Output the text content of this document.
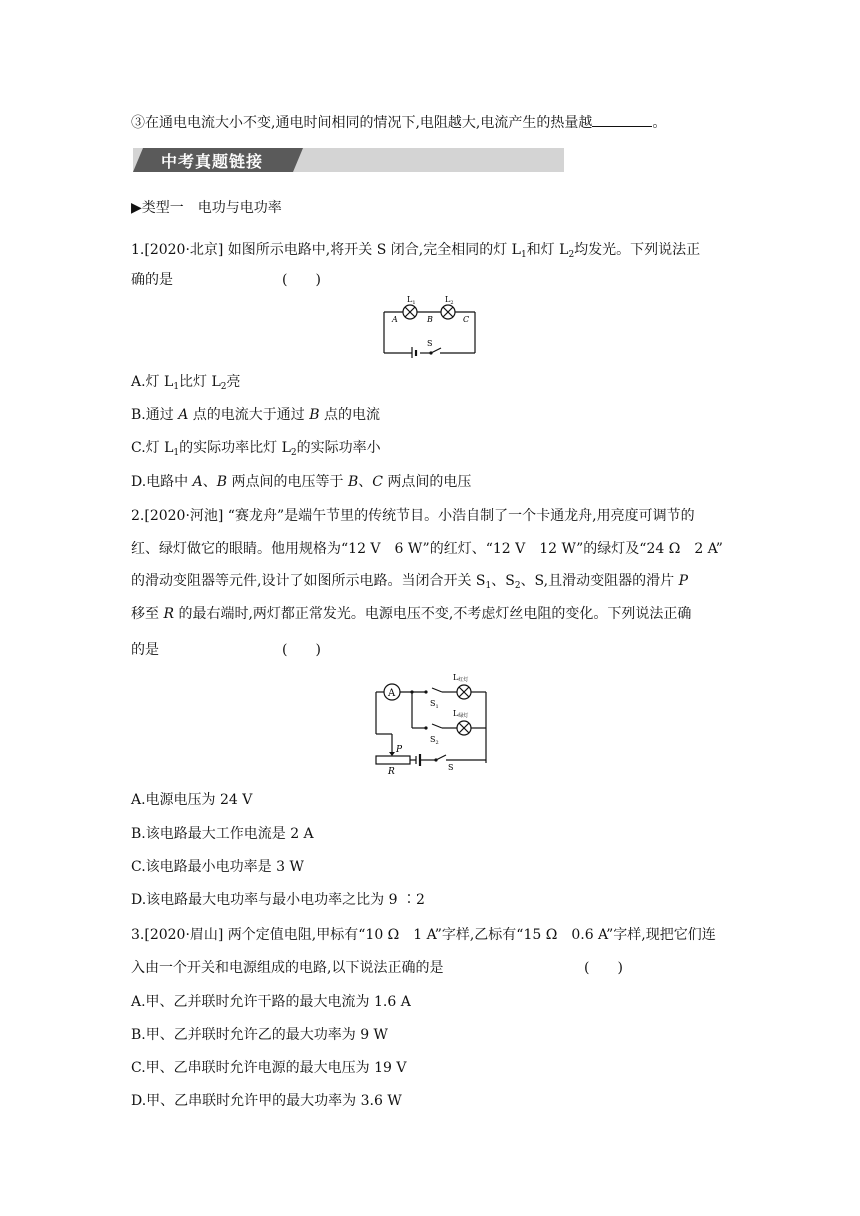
③在通电电流大小不变,通电时间相同的情况下,电阻越大,电流产生的热量越	。
中考真题链接
▶类型一　电功与电功率
1.[2020·北京] 如图所示电路中,将开关 S 闭合,完全相同的灯 $L_1$和灯 $L_2$均发光。下列说法正
确的是	(　　)
$L_1$	$L_2$
A	B	C
S
A.灯 $L_1$比灯 $L_2$亮
B.通过 A 点的电流大于通过 B 点的电流
C.灯 $L_1$的实际功率比灯 $L_2$的实际功率小
D.电路中 A、B 两点间的电压等于 B、C 两点间的电压
2.[2020·河池] “赛龙舟”是端午节里的传统节目。小浩自制了一个卡通龙舟,用亮度可调节的
红、绿灯做它的眼睛。他用规格为“12 V　6 W”的红灯、“12 V　12 W”的绿灯及“24 Ω　2 A”
的滑动变阻器等元件,设计了如图所示电路。当闭合开关 $S_1$、$S_2$、S,且滑动变阻器的滑片 P
移至 R 的最右端时,两灯都正常发光。电源电压不变,不考虑灯丝电阻的变化。下列说法正确
的是	(　　)
A
L红灯
L绿灯
$S_1$
$S_2$
P
R	S
A.电源电压为 24 V
B.该电路最大工作电流是 2 A
C.该电路最小电功率是 3 W
D.该电路最大电功率与最小电功率之比为 9 ∶2
3.[2020·眉山] 两个定值电阻,甲标有“10 Ω　1 A”字样,乙标有“15 Ω　0.6 A”字样,现把它们连
入由一个开关和电源组成的电路,以下说法正确的是	(　　)
A.甲、乙并联时允许干路的最大电流为 1.6 A
B.甲、乙并联时允许乙的最大功率为 9 W
C.甲、乙串联时允许电源的最大电压为 19 V
D.甲、乙串联时允许甲的最大功率为 3.6 W
